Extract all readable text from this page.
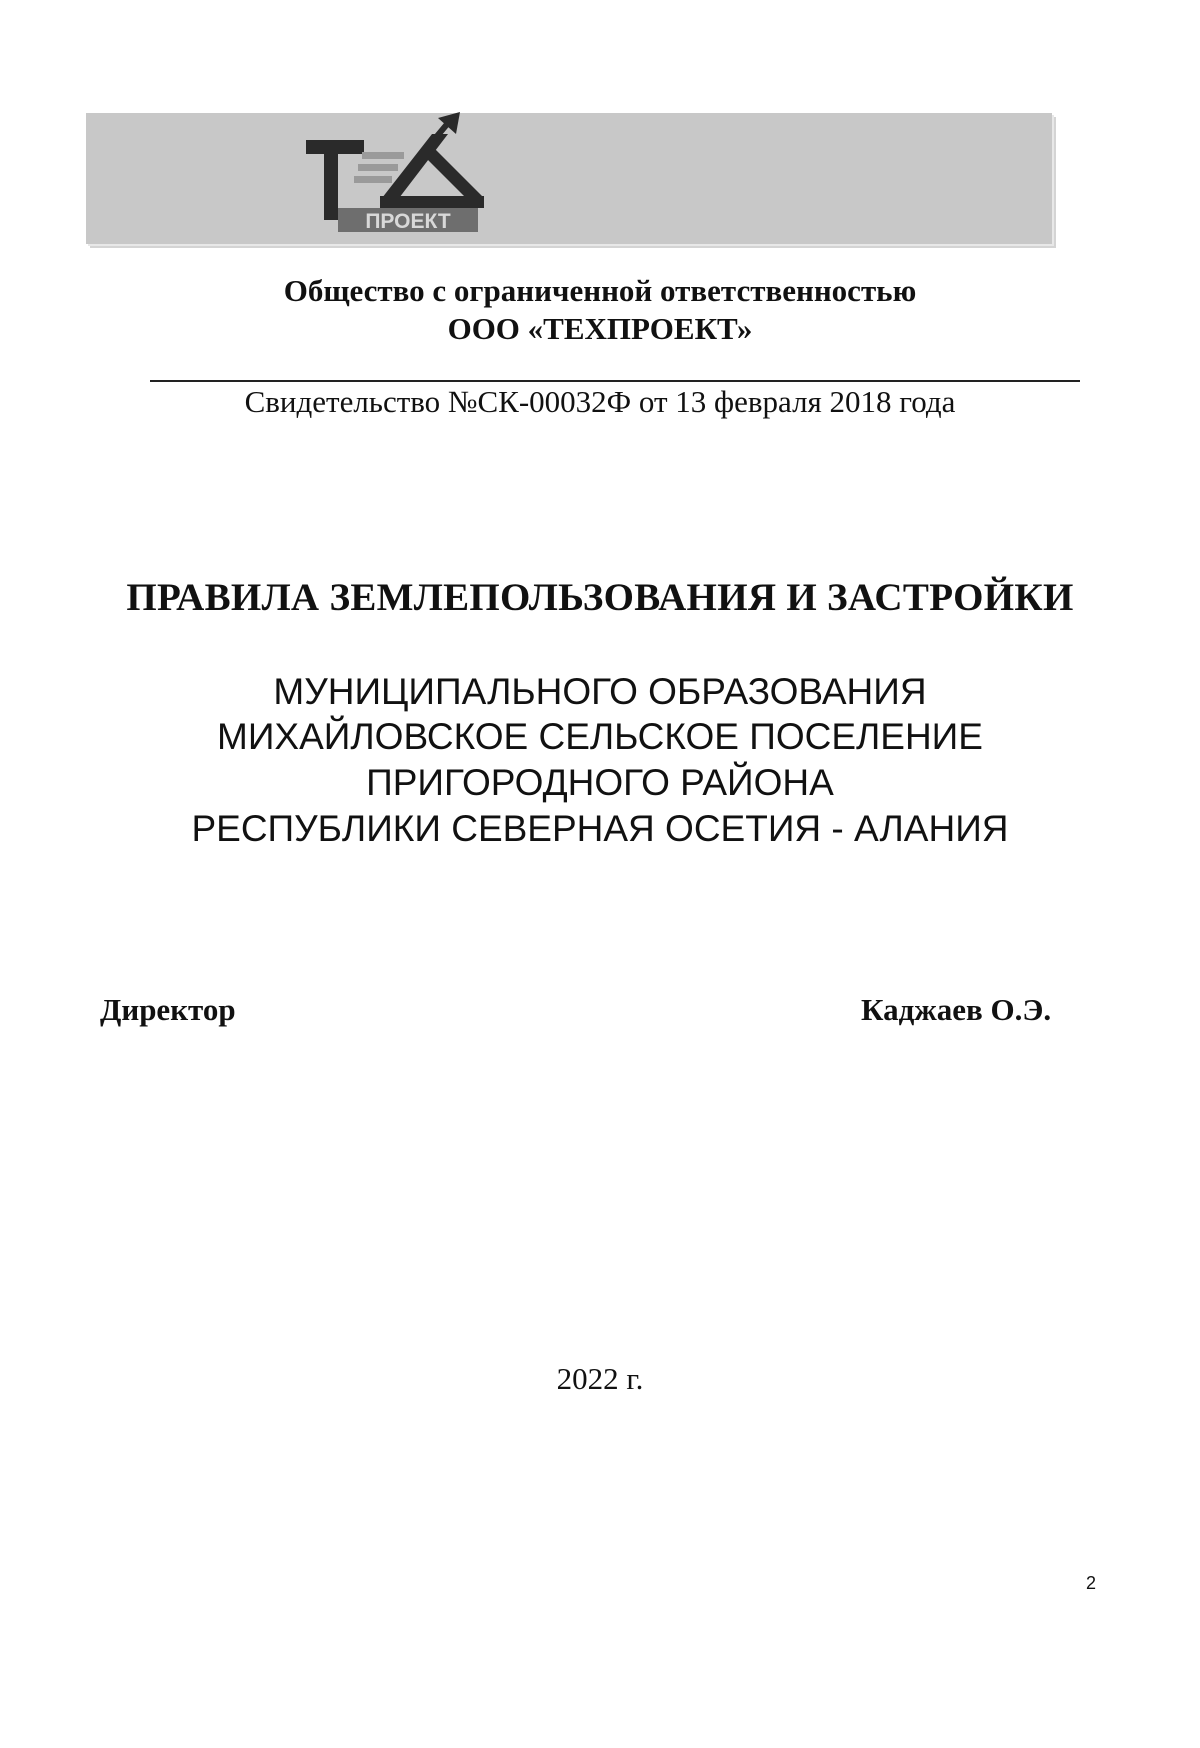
ПРОЕКТ
Общество с ограниченной ответственностью
ООО «ТЕХПРОЕКТ»
Свидетельство №СК-00032Ф от 13 февраля 2018 года
ПРАВИЛА ЗЕМЛЕПОЛЬЗОВАНИЯ И ЗАСТРОЙКИ
МУНИЦИПАЛЬНОГО ОБРАЗОВАНИЯ
МИХАЙЛОВСКОЕ СЕЛЬСКОЕ ПОСЕЛЕНИЕ
ПРИГОРОДНОГО РАЙОНА
РЕСПУБЛИКИ СЕВЕРНАЯ ОСЕТИЯ - АЛАНИЯ
Директор	Каджаев О.Э.
2022 г.
2
